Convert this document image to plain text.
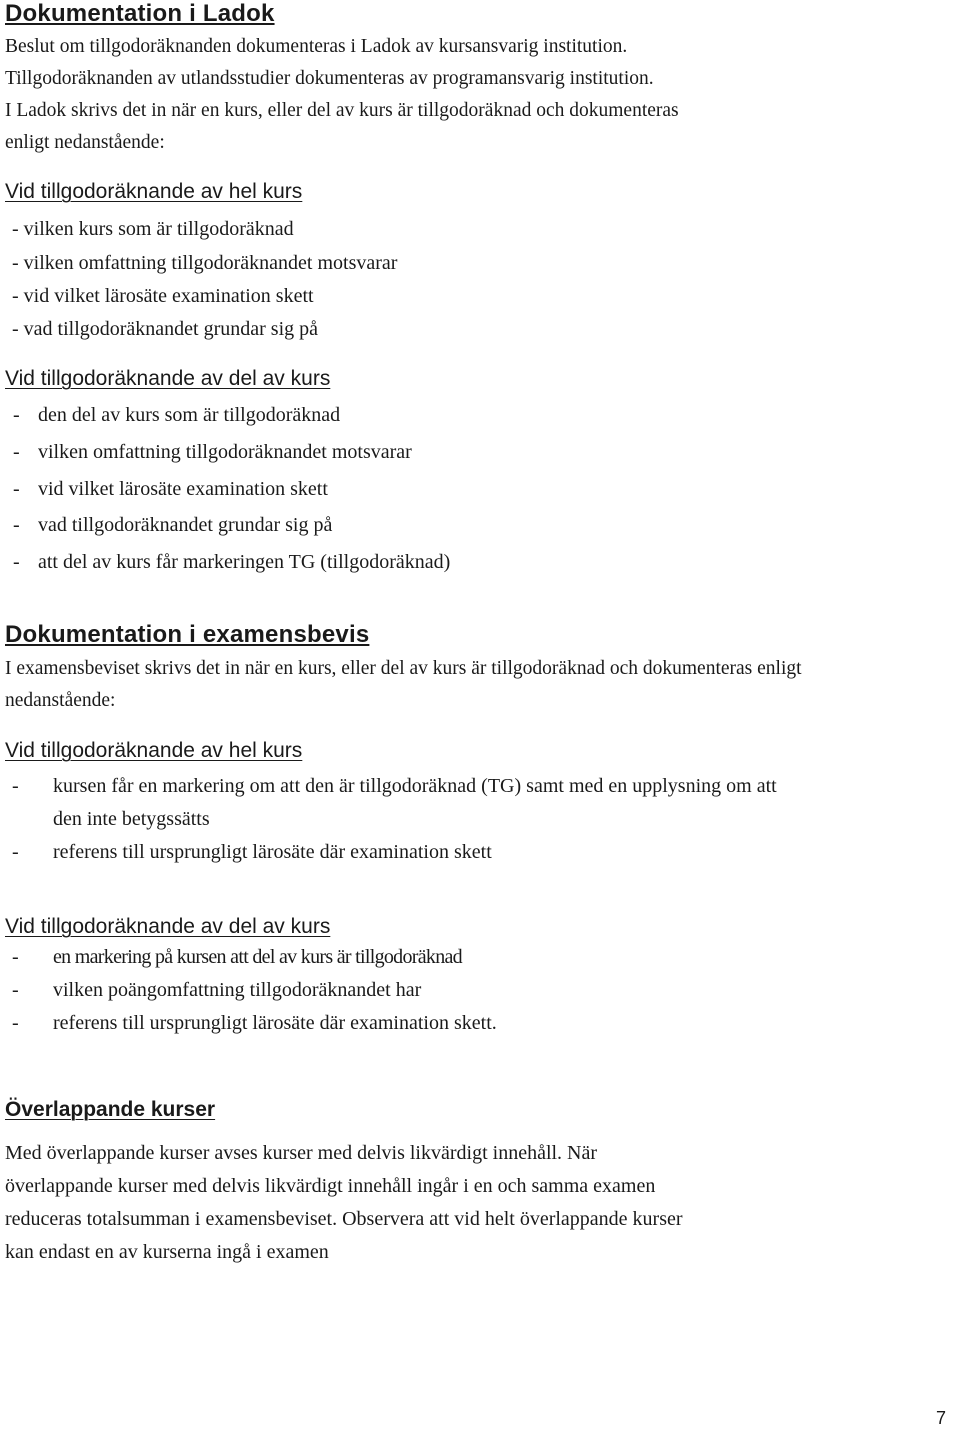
Dokumentation i Ladok
Beslut om tillgodoräknanden dokumenteras i Ladok av kursansvarig institution.
Tillgodoräknanden av utlandsstudier dokumenteras av programansvarig institution.
I Ladok skrivs det in när en kurs, eller del av kurs är tillgodoräknad och dokumenteras
enligt nedanstående:
Vid tillgodoräknande av hel kurs
- vilken kurs som är tillgodoräknad
- vilken omfattning tillgodoräknandet motsvarar
- vid vilket lärosäte examination skett
- vad tillgodoräknandet grundar sig på
Vid tillgodoräknande av del av kurs
- den del av kurs som är tillgodoräknad
- vilken omfattning tillgodoräknandet motsvarar
- vid vilket lärosäte examination skett
- vad tillgodoräknandet grundar sig på
- att del av kurs får markeringen TG (tillgodoräknad)
Dokumentation i examensbevis
I examensbeviset skrivs det in när en kurs, eller del av kurs är tillgodoräknad och dokumenteras enligt
nedanstående:
Vid tillgodoräknande av hel kurs
- kursen får en markering om att den är tillgodoräknad (TG) samt med en upplysning om att
den inte betygssätts
- referens till ursprungligt lärosäte där examination skett
Vid tillgodoräknande av del av kurs
- en markering på kursen att del av kurs är tillgodoräknad
- vilken poängomfattning tillgodoräknandet har
- referens till ursprungligt lärosäte där examination skett.
Överlappande kurser
Med överlappande kurser avses kurser med delvis likvärdigt innehåll. När
överlappande kurser med delvis likvärdigt innehåll ingår i en och samma examen
reduceras totalsumman i examensbeviset. Observera att vid helt överlappande kurser
kan endast en av kurserna ingå i examen
7
